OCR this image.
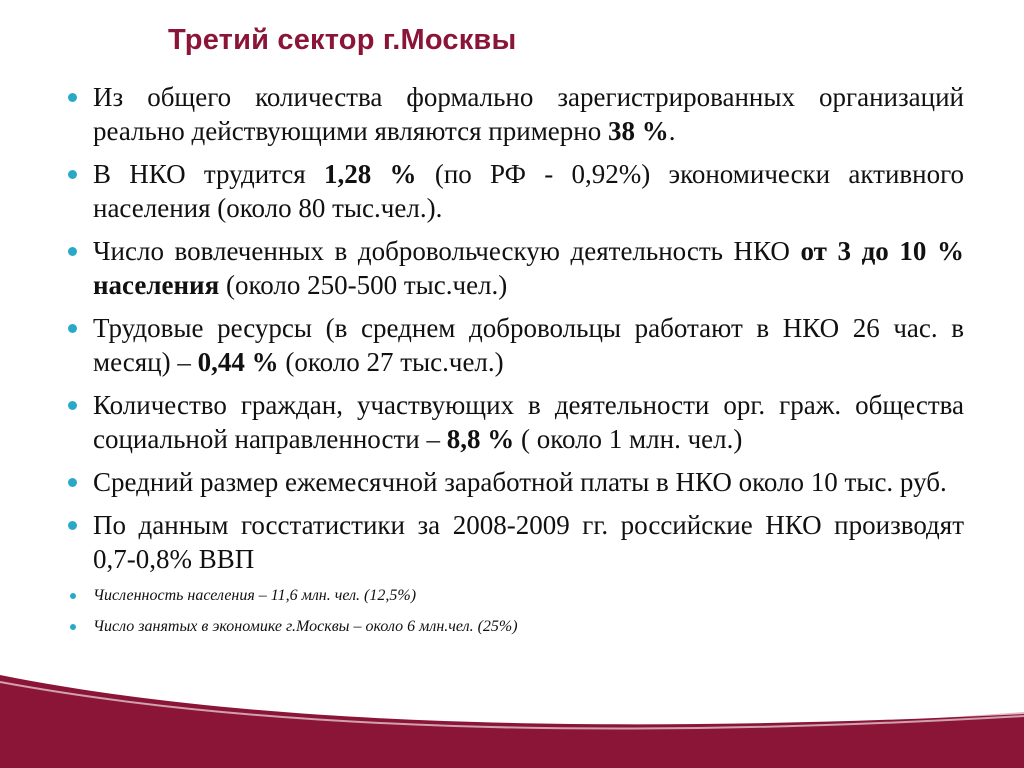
Третий сектор г.Москвы
Из общего количества формально зарегистрированных организаций реально действующими являются примерно 38 %.
В НКО трудится 1,28 % (по РФ - 0,92%) экономически активного населения (около 80 тыс.чел.).
Число вовлеченных в добровольческую деятельность НКО от 3 до 10 % населения (около 250-500 тыс.чел.)
Трудовые ресурсы (в среднем добровольцы работают в НКО 26 час. в месяц) – 0,44 % (около 27 тыс.чел.)
Количество граждан, участвующих в деятельности орг. граж. общества социальной направленности – 8,8 % ( около 1 млн. чел.)
Средний размер ежемесячной заработной платы в НКО около 10 тыс. руб.
По данным госстатистики за 2008-2009 гг. российские НКО производят 0,7-0,8% ВВП
Численность населения – 11,6 млн. чел. (12,5%)
Число занятых в экономике г.Москвы – около 6 млн.чел. (25%)
